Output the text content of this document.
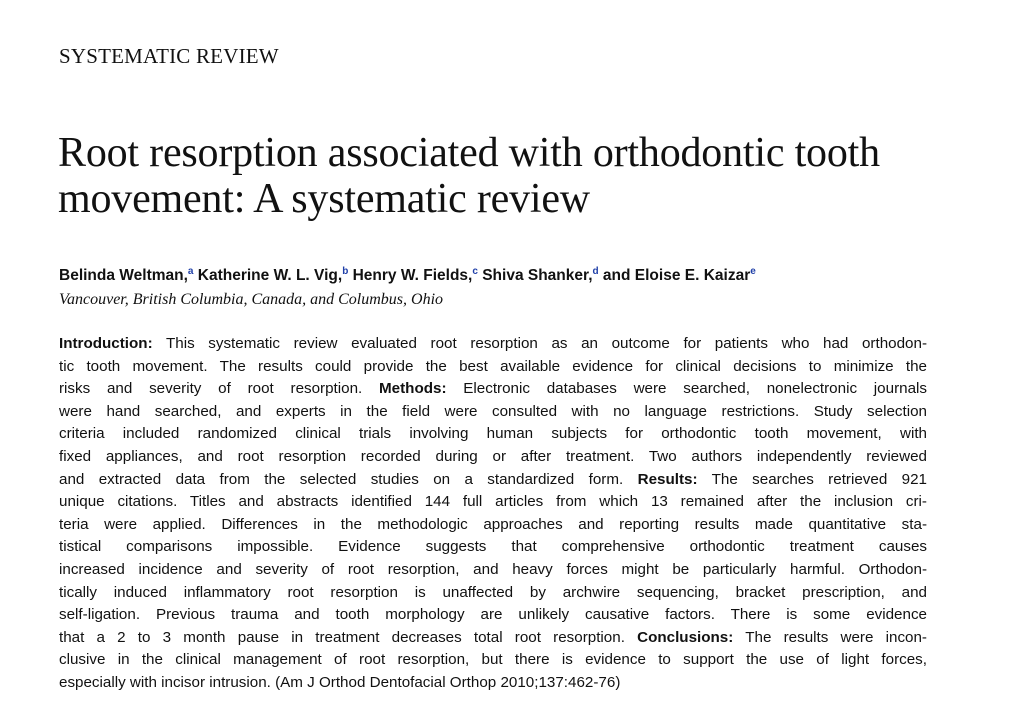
SYSTEMATIC REVIEW
Root resorption associated with orthodontic tooth
movement: A systematic review
Belinda Weltman,$^a$ Katherine W. L. Vig,$^b$ Henry W. Fields,$^c$ Shiva Shanker,$^d$ and Eloise E. Kaizar$^e$
Vancouver, British Columbia, Canada, and Columbus, Ohio
Introduction: This systematic review evaluated root resorption as an outcome for patients who had orthodon-
tic tooth movement. The results could provide the best available evidence for clinical decisions to minimize the
risks and severity of root resorption. Methods: Electronic databases were searched, nonelectronic journals
were hand searched, and experts in the field were consulted with no language restrictions. Study selection
criteria included randomized clinical trials involving human subjects for orthodontic tooth movement, with
fixed appliances, and root resorption recorded during or after treatment. Two authors independently reviewed
and extracted data from the selected studies on a standardized form. Results: The searches retrieved 921
unique citations. Titles and abstracts identified 144 full articles from which 13 remained after the inclusion cri-
teria were applied. Differences in the methodologic approaches and reporting results made quantitative sta-
tistical comparisons impossible. Evidence suggests that comprehensive orthodontic treatment causes
increased incidence and severity of root resorption, and heavy forces might be particularly harmful. Orthodon-
tically induced inflammatory root resorption is unaffected by archwire sequencing, bracket prescription, and
self-ligation. Previous trauma and tooth morphology are unlikely causative factors. There is some evidence
that a 2 to 3 month pause in treatment decreases total root resorption. Conclusions: The results were incon-
clusive in the clinical management of root resorption, but there is evidence to support the use of light forces,
especially with incisor intrusion. (Am J Orthod Dentofacial Orthop 2010;137:462-76)
